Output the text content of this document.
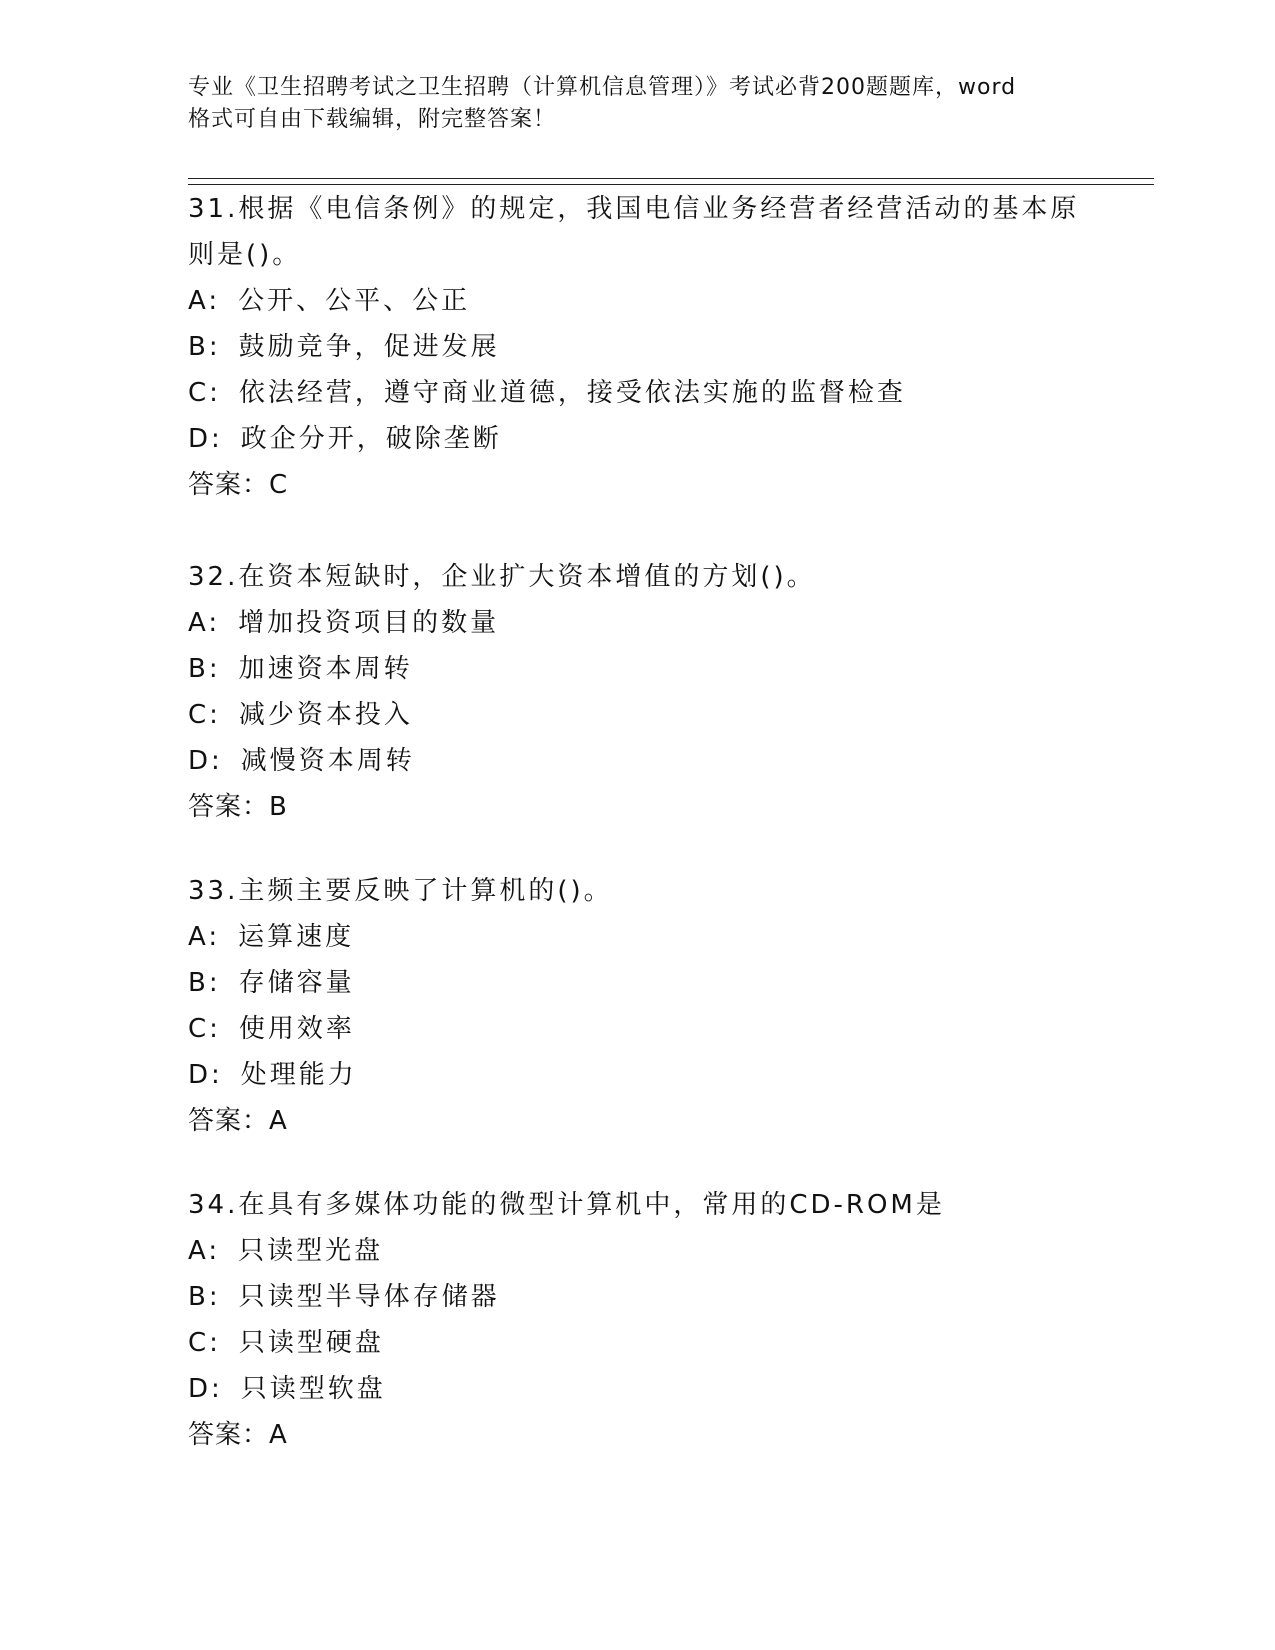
专业《卫生招聘考试之卫生招聘（计算机信息管理）》考试必背200题题库，word
格式可自由下载编辑，附完整答案！
31.根据《电信条例》的规定，我国电信业务经营者经营活动的基本原
则是()。
A: 公开、公平、公正
B: 鼓励竞争，促进发展
C: 依法经营，遵守商业道德，接受依法实施的监督检查
D: 政企分开，破除垄断
答案：C
32.在资本短缺时，企业扩大资本增值的方划()。
A: 增加投资项目的数量
B: 加速资本周转
C: 减少资本投入
D: 减慢资本周转
答案：B
33.主频主要反映了计算机的()。
A: 运算速度
B: 存储容量
C: 使用效率
D: 处理能力
答案：A
34.在具有多媒体功能的微型计算机中，常用的CD-ROM是
A: 只读型光盘
B: 只读型半导体存储器
C: 只读型硬盘
D: 只读型软盘
答案：A
